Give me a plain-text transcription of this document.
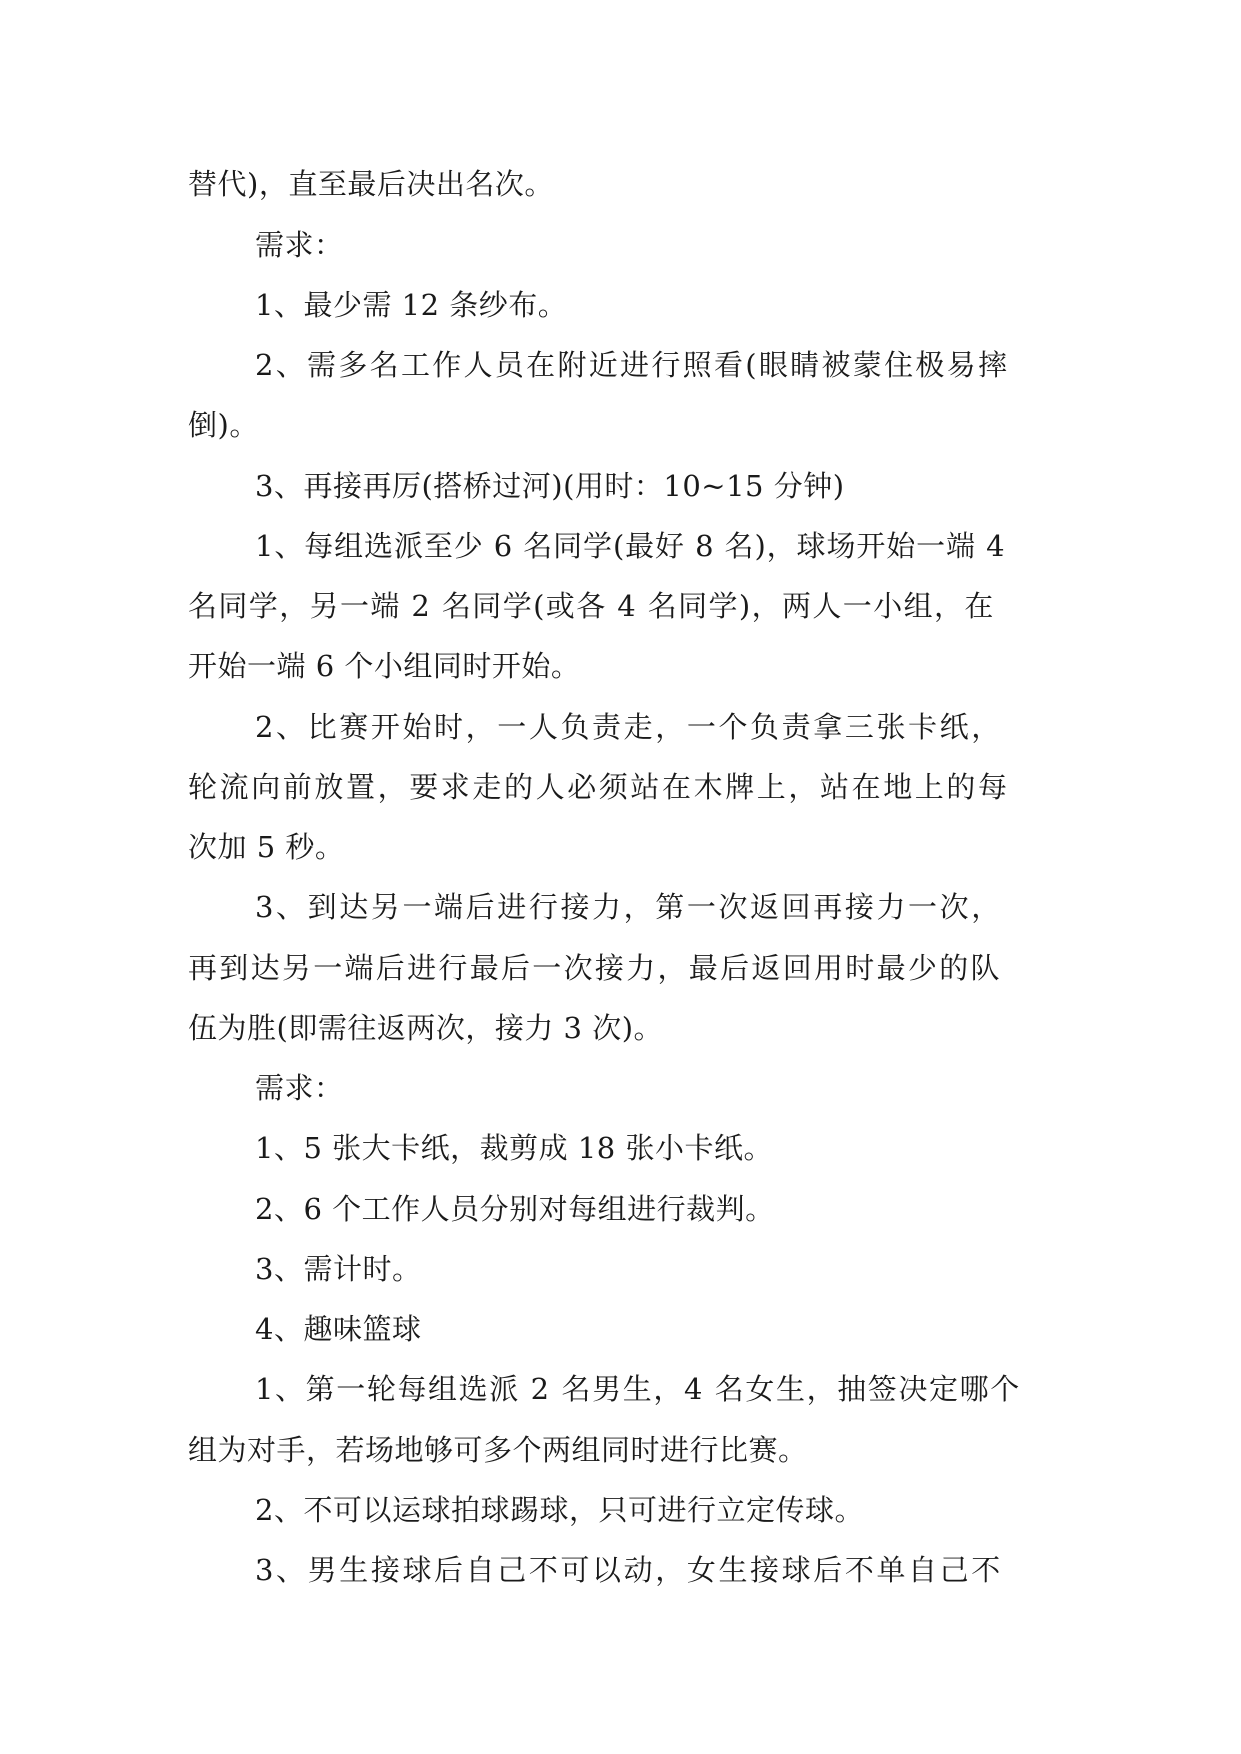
替代)，直至最后决出名次。

需求：

1、最少需 12 条纱布。

2、需多名工作人员在附近进行照看(眼睛被蒙住极易摔

倒)。

3、再接再厉(搭桥过河)(用时：10~15 分钟)

1、每组选派至少 6 名同学(最好 8 名)，球场开始一端 4

名同学，另一端 2 名同学(或各 4 名同学)，两人一小组，在

开始一端 6 个小组同时开始。

2、比赛开始时，一人负责走，一个负责拿三张卡纸，

轮流向前放置，要求走的人必须站在木牌上，站在地上的每

次加 5 秒。

3、到达另一端后进行接力，第一次返回再接力一次，

再到达另一端后进行最后一次接力，最后返回用时最少的队

伍为胜(即需往返两次，接力 3 次)。

需求：

1、5 张大卡纸，裁剪成 18 张小卡纸。

2、6 个工作人员分别对每组进行裁判。

3、需计时。

4、趣味篮球

1、第一轮每组选派 2 名男生，4 名女生，抽签决定哪个

组为对手，若场地够可多个两组同时进行比赛。

2、不可以运球拍球踢球，只可进行立定传球。

3、男生接球后自己不可以动，女生接球后不单自己不
